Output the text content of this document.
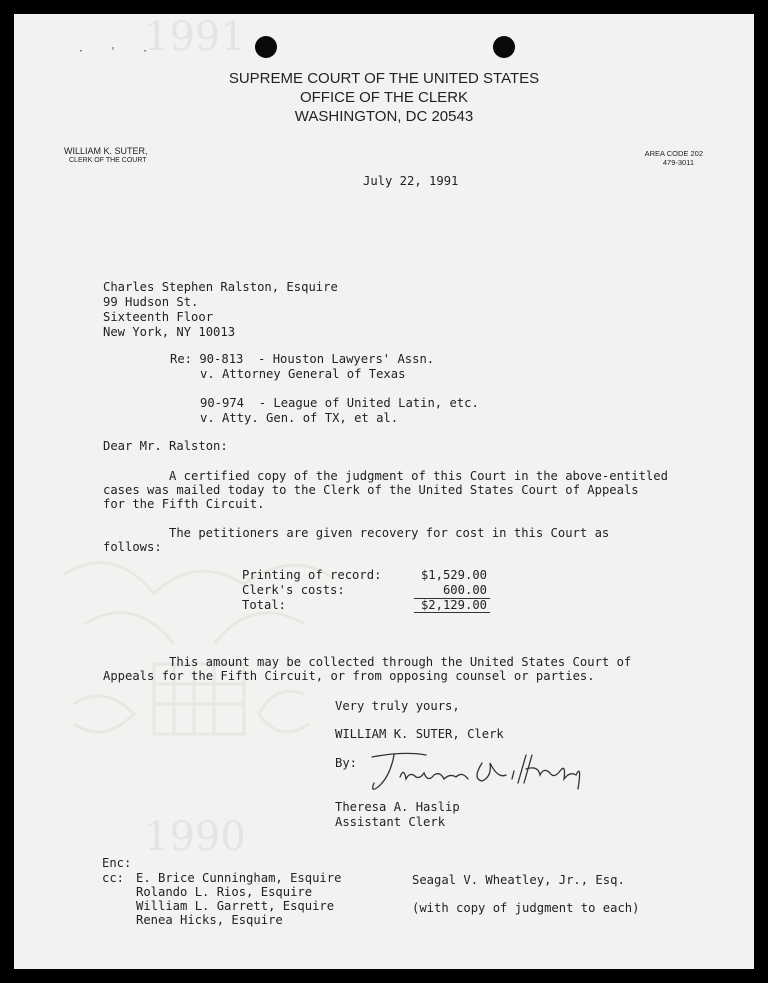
· ' ·
1991
1990
SUPREME COURT OF THE UNITED STATES
OFFICE OF THE CLERK
WASHINGTON, DC 20543
WILLIAM K. SUTER,
CLERK OF THE COURT
AREA CODE 202
479-3011
July 22, 1991
Charles Stephen Ralston, Esquire
99 Hudson St.
Sixteenth Floor
New York, NY 10013
Re: 90-813  - Houston Lawyers' Assn.
v. Attorney General of Texas
90-974  - League of United Latin, etc.
v. Atty. Gen. of TX, et al.
Dear Mr. Ralston:
A certified copy of the judgment of this Court in the above-entitled
cases was mailed today to the Clerk of the United States Court of Appeals
for the Fifth Circuit.
The petitioners are given recovery for cost in this Court as
follows:
Printing of record:	$1,529.00
Clerk's costs:	600.00
Total:	$2,129.00
This amount may be collected through the United States Court of
Appeals for the Fifth Circuit, or from opposing counsel or parties.
Very truly yours,
WILLIAM K. SUTER, Clerk
By:
Theresa A. Haslip
Assistant Clerk
Enc:
cc: E. Brice Cunningham, Esquire
Rolando L. Rios, Esquire
William L. Garrett, Esquire
Renea Hicks, Esquire
Seagal V. Wheatley, Jr., Esq.
(with copy of judgment to each)
